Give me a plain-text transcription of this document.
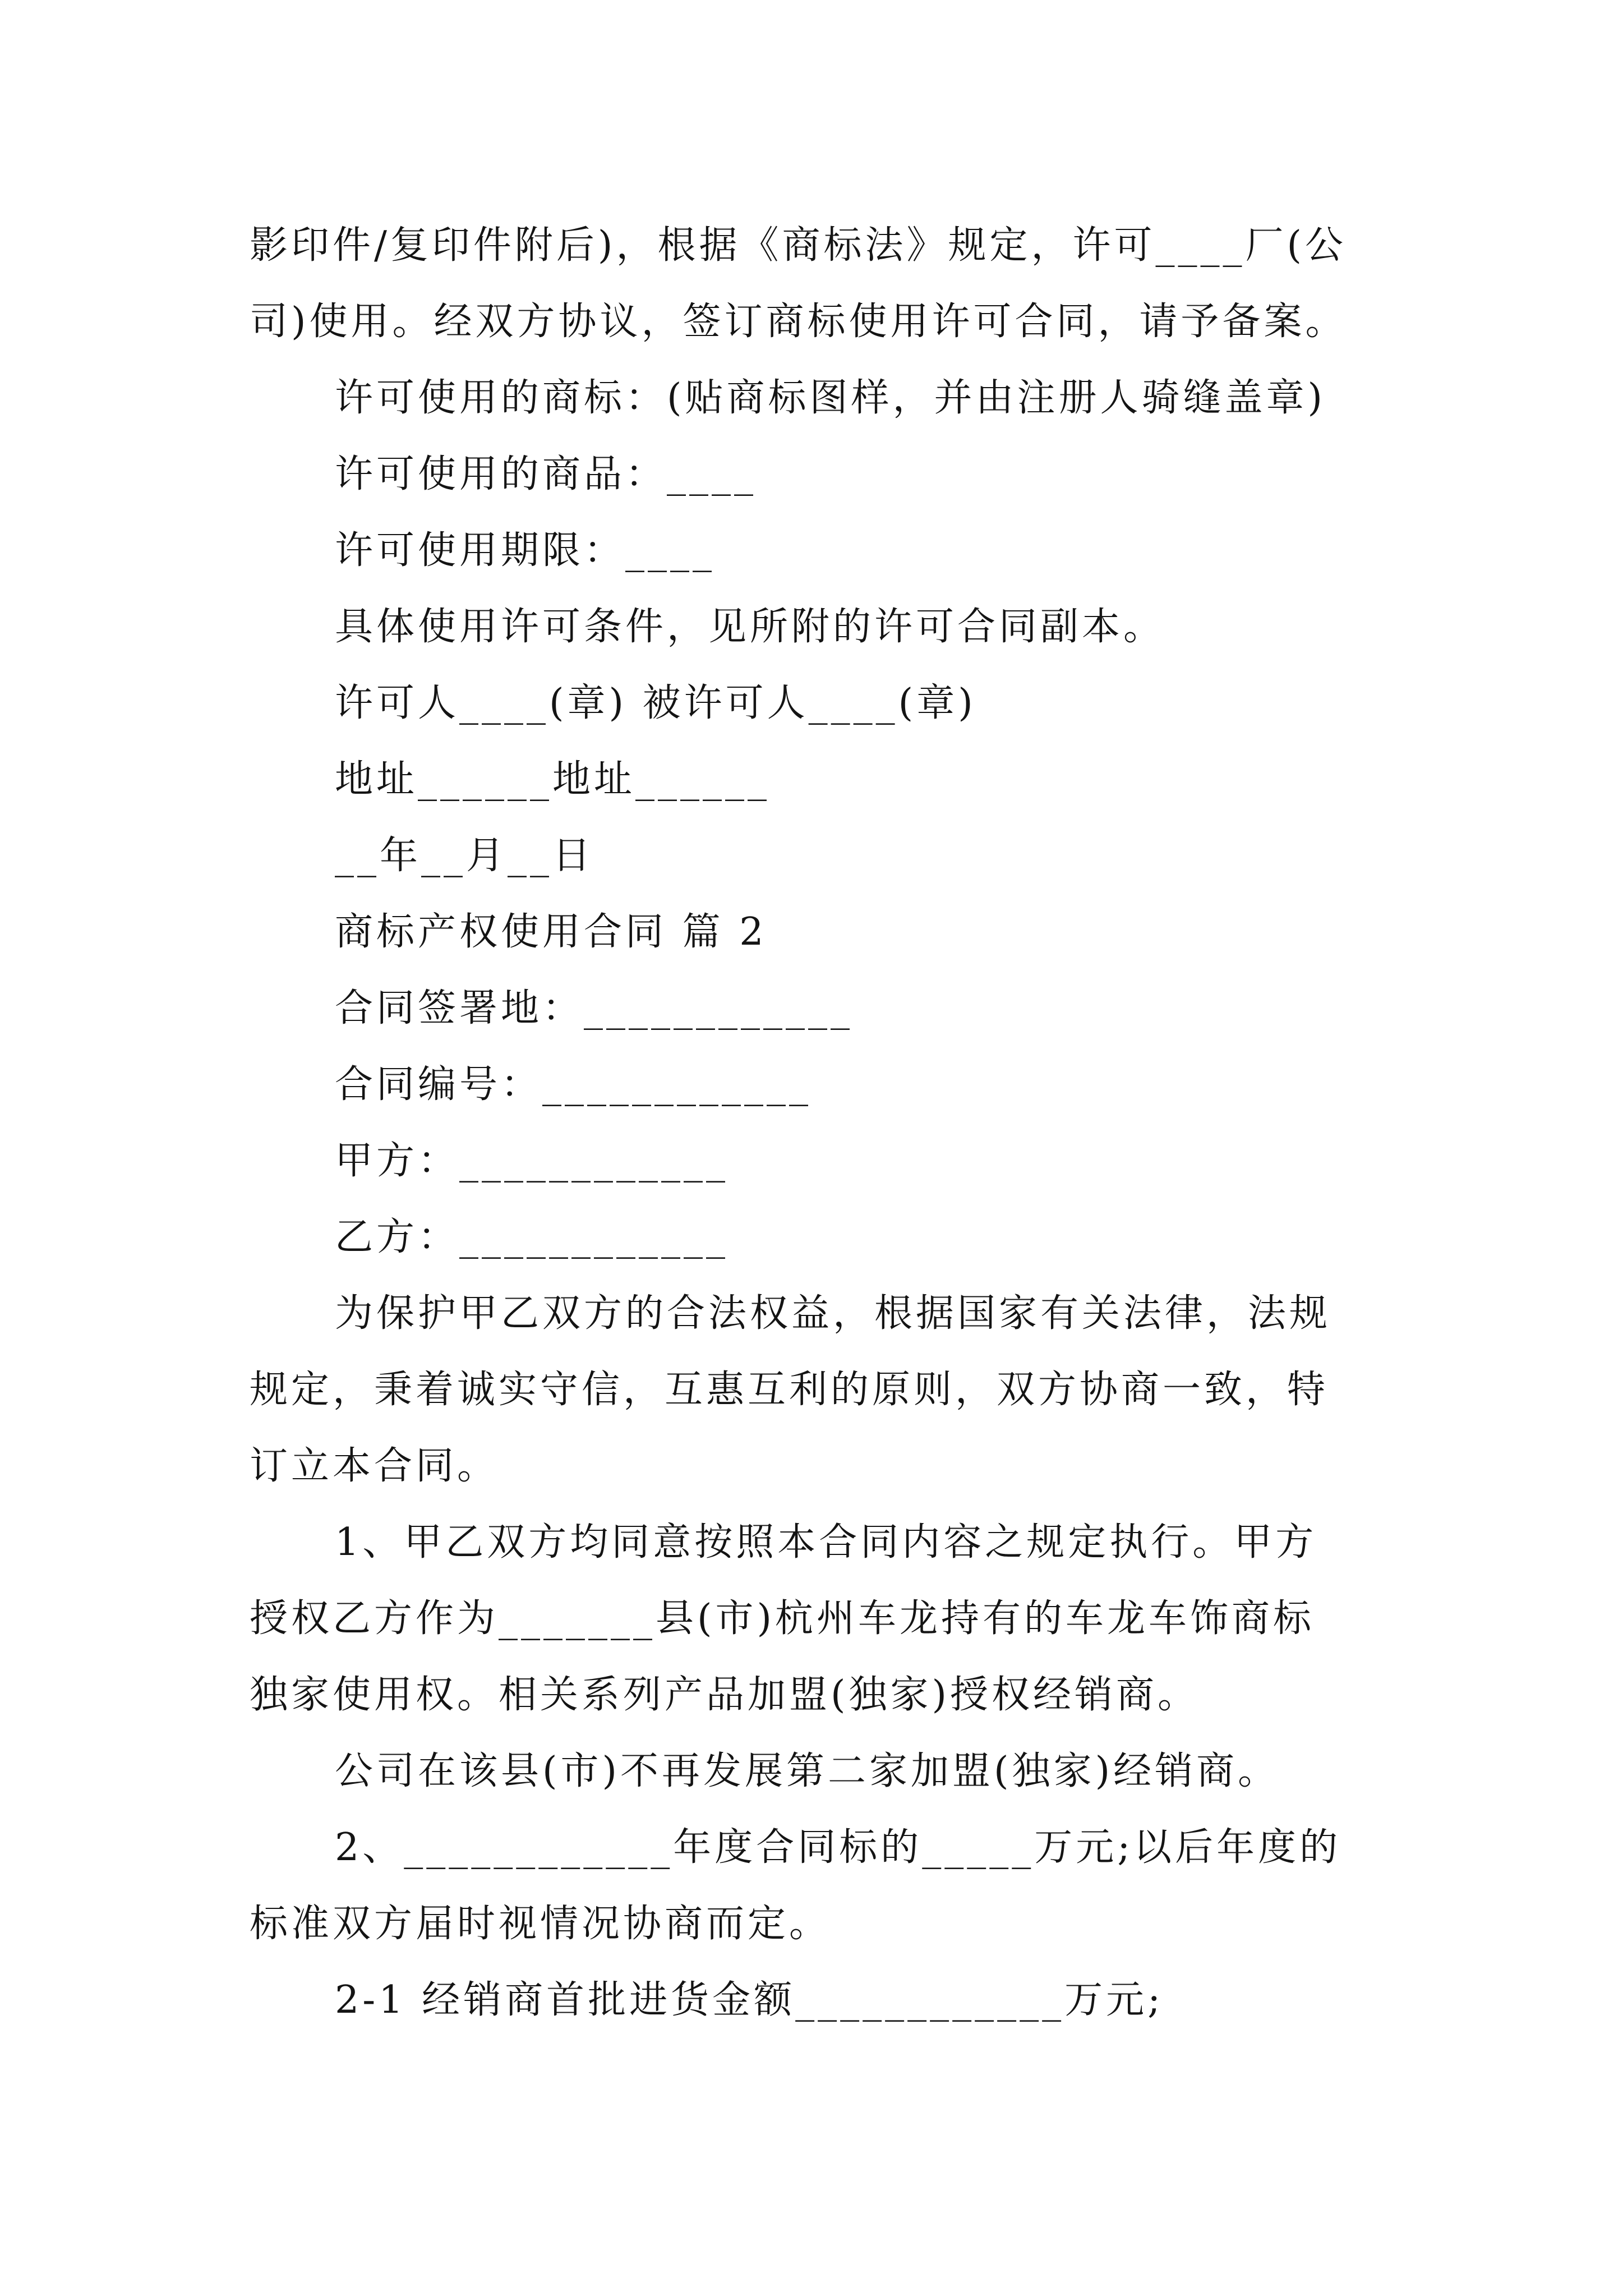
影印件/复印件附后)，根据《商标法》规定，许可____厂(公
司)使用。经双方协议，签订商标使用许可合同，请予备案。
许可使用的商标：(贴商标图样，并由注册人骑缝盖章)
许可使用的商品：____
许可使用期限：____
具体使用许可条件，见所附的许可合同副本。
许可人____(章) 被许可人____(章)
地址______地址______
__年__月__日
商标产权使用合同 篇 2
合同签署地：____________
合同编号：____________
甲方：____________
乙方：____________
为保护甲乙双方的合法权益，根据国家有关法律，法规
规定，秉着诚实守信，互惠互利的原则，双方协商一致，特
订立本合同。
1、甲乙双方均同意按照本合同内容之规定执行。甲方
授权乙方作为_______县(市)杭州车龙持有的车龙车饰商标
独家使用权。相关系列产品加盟(独家)授权经销商。
公司在该县(市)不再发展第二家加盟(独家)经销商。
2、____________年度合同标的_____万元;以后年度的
标准双方届时视情况协商而定。
2-1 经销商首批进货金额____________万元;
